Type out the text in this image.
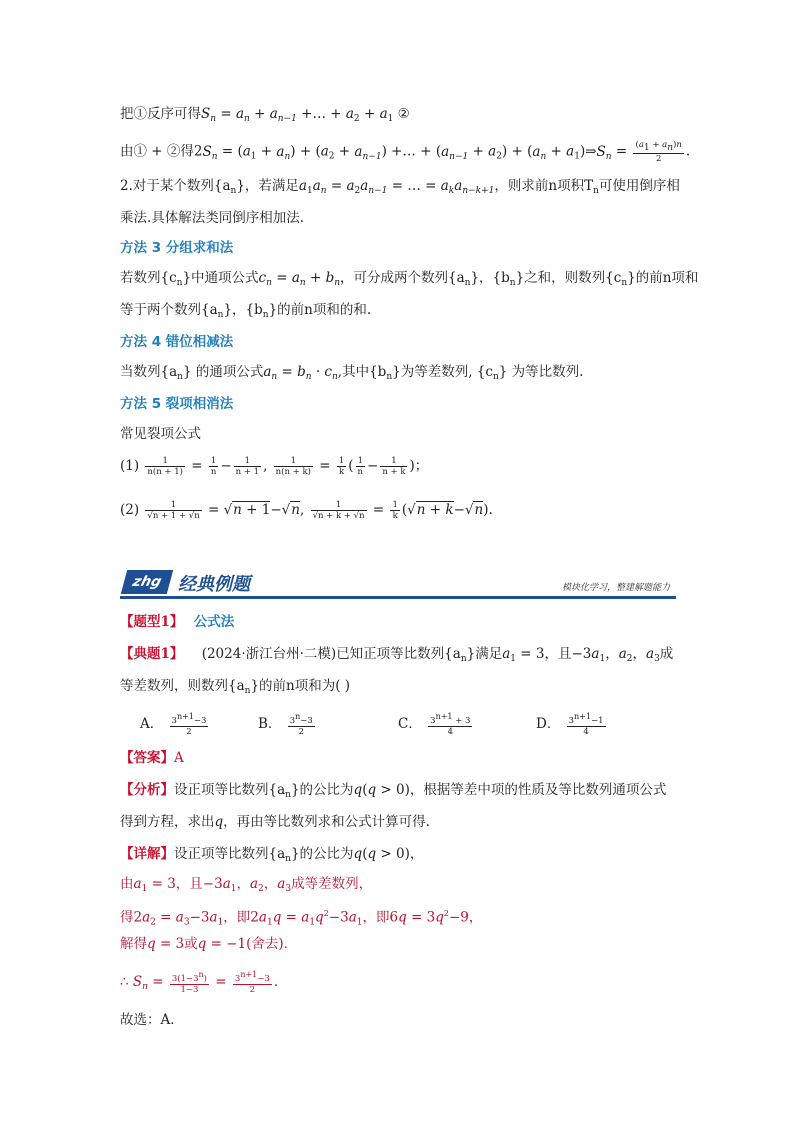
把①反序可得$S_n = a_n + a_{n-1}$ +… + $a_2 + a_1$ ②
由① + ②得$2S_n = (a_1 + a_n) + (a_2 + a_{n-1})$ +… + $(a_{n-1} + a_2) + (a_n$ + $a_1)\Rightarrow S_n = \frac{(a_1 + a_n)n}{2}$ .
2.对于某个数列$\{a_n\}$，若满足$a_1a_n = a_2a_{n-1}$ = … = $a_ka_{n-k+1}$，则求前n项积$T_n$可使用倒序相
乘法.具体解法类同倒序相加法.
方法 3 分组求和法
若数列$\{c_n\}$中通项公式$c_n = a_n + b_n$，可分成两个数列$\{a_n\}$，$\{b_n\}$之和，则数列$\{c_n\}$的前n项和
等于两个数列$\{a_n\}$，$\{b_n\}$的前n项和的和.
方法 4 错位相减法
当数列$\{a_n\}$ 的通项公式$a_n = b_n \cdot c_n$,其中$\{b_n\}$为等差数列, $\{c_n\}$ 为等比数列.
方法 5 裂项相消法
常见裂项公式
$(1) \frac{1}{n(n + 1)} = \frac{1}{n} - \frac{1}{n + 1}$ , $\frac{1}{n(n + k)} = \frac{1}{k}$ ( $\frac{1}{n} - \frac{1}{n + k}$ )；
$(2) \frac{1}{√n + 1 + √n} = √n + 1-√n$, $\frac{1}{√n + k + √n} = \frac{1}{k} (√n + k-√n)$.
zhg 经典例题	模块化学习，整建解题能力
【题型1】 公式法
【典题1】 (2024·浙江台州·二模)已知正项等比数列$\{a_n\}$满足$a_1 = 3$，且$-3a_1$，$a_2$，$a_3$成
等差数列，则数列$\{a_n\}$的前n项和为( )
A． $\frac{3^{n+1}-3}{2}$	B． $\frac{3^n-3}{2}$	C． $\frac{3^{n+1} + 3}{4}$	D． $\frac{3^{n+1}-1}{4}$
【答案】A
【分析】设正项等比数列$\{a_n\}$的公比为q(q > 0)，根据等差中项的性质及等比数列通项公式
得到方程，求出q，再由等比数列求和公式计算可得.
【详解】设正项等比数列$\{a_n\}$的公比为q(q > 0)，
由$a_1 = 3$，且$-3a_1$，$a_2$，$a_3$成等差数列，
得$2a_2 = a_3-3a_1$，即$2a_1q = a_1q^2-3a_1$，即$6q = 3q^2-9$，
解得q = 3或q = −1(舍去)．
∴ $S_n = \frac{3(1-3^n)}{1-3} = \frac{3^{n+1}-3}{2}$ .
故选：A．
